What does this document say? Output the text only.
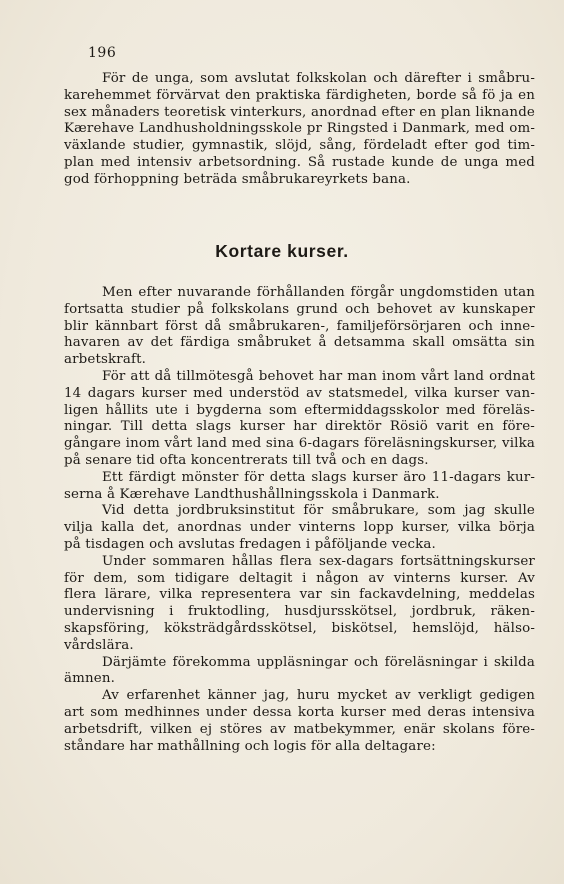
196
För de unga, som avslutat folkskolan och därefter i småbru-
karehemmet förvärvat den praktiska färdigheten, borde så fö ja en
sex månaders teoretisk vinterkurs, anordnad efter en plan liknande
Kærehave Landhusholdningsskole pr Ringsted i Danmark, med om-
växlande studier, gymnastik, slöjd, sång, fördeladt efter god tim-
plan med intensiv arbetsordning. Så rustade kunde de unga med
god förhoppning beträda småbrukareyrkets bana.
Kortare kurser.
Men efter nuvarande förhållanden förgår ungdomstiden utan
fortsatta studier på folkskolans grund och behovet av kunskaper
blir kännbart först då småbrukaren-, familjeförsörjaren och inne-
havaren av det färdiga småbruket å detsamma skall omsätta sin
arbetskraft.
För att då tillmötesgå behovet har man inom vårt land ordnat
14 dagars kurser med understöd av statsmedel, vilka kurser van-
ligen hållits ute i bygderna som eftermiddagsskolor med föreläs-
ningar. Till detta slags kurser har direktör Rösiö varit en före-
gångare inom vårt land med sina 6-dagars föreläsningskurser, vilka
på senare tid ofta koncentrerats till två och en dags.
Ett färdigt mönster för detta slags kurser äro 11-dagars kur-
serna å Kærehave Landthushållningsskola i Danmark.
Vid detta jordbruksinstitut för småbrukare, som jag skulle
vilja kalla det, anordnas under vinterns lopp kurser, vilka börja
på tisdagen och avslutas fredagen i påföljande vecka.
Under sommaren hållas flera sex-dagars fortsättningskurser
för dem, som tidigare deltagit i någon av vinterns kurser. Av
flera lärare, vilka representera var sin fackavdelning, meddelas
undervisning i fruktodling, husdjursskötsel, jordbruk, räken-
skapsföring, köksträdgårdsskötsel, biskötsel, hemslöjd, hälso-
vårdslära.
Därjämte förekomma uppläsningar och föreläsningar i skilda
ämnen.
Av erfarenhet känner jag, huru mycket av verkligt gedigen
art som medhinnes under dessa korta kurser med deras intensiva
arbetsdrift, vilken ej störes av matbekymmer, enär skolans före-
ståndare har mathållning och logis för alla deltagare:
